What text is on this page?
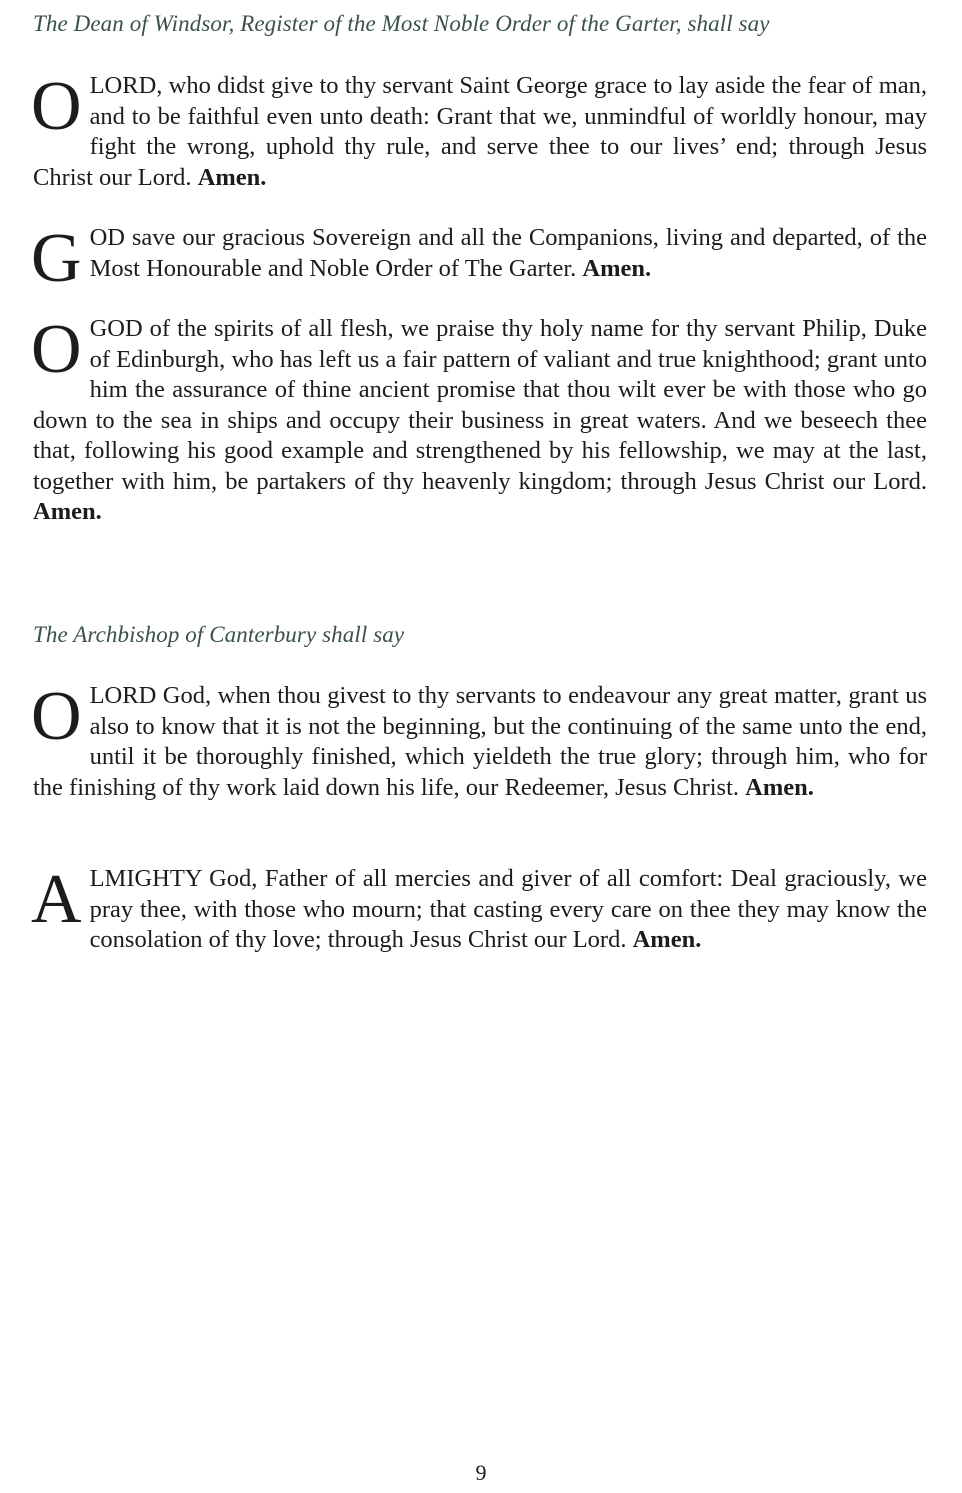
The Dean of Windsor, Register of the Most Noble Order of the Garter, shall say
O LORD, who didst give to thy servant Saint George grace to lay aside the fear of man, and to be faithful even unto death: Grant that we, unmindful of worldly honour, may fight the wrong, uphold thy rule, and serve thee to our lives’ end; through Jesus Christ our Lord. Amen.
G OD save our gracious Sovereign and all the Companions, living and departed, of the Most Honourable and Noble Order of The Garter. Amen.
O GOD of the spirits of all flesh, we praise thy holy name for thy servant Philip, Duke of Edinburgh, who has left us a fair pattern of valiant and true knighthood; grant unto him the assurance of thine ancient promise that thou wilt ever be with those who go down to the sea in ships and occupy their business in great waters. And we beseech thee that, following his good example and strengthened by his fellowship, we may at the last, together with him, be partakers of thy heavenly kingdom; through Jesus Christ our Lord. Amen.
The Archbishop of Canterbury shall say
O LORD God, when thou givest to thy servants to endeavour any great matter, grant us also to know that it is not the beginning, but the continuing of the same unto the end, until it be thoroughly finished, which yieldeth the true glory; through him, who for the finishing of thy work laid down his life, our Redeemer, Jesus Christ. Amen.
A LMIGHTY God, Father of all mercies and giver of all comfort: Deal graciously, we pray thee, with those who mourn; that casting every care on thee they may know the consolation of thy love; through Jesus Christ our Lord. Amen.
9
